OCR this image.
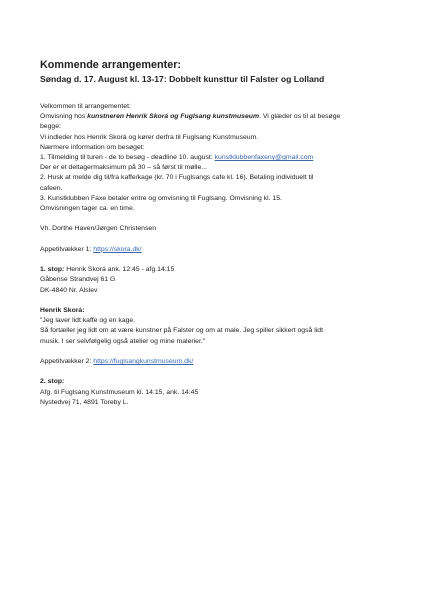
Kommende arrangementer:

Søndag d. 17. August kl. 13-17: Dobbelt kunsttur til Falster og Lolland

Velkommen til arrangementet:

Omvisning hos kunstneren Henrik Skorá og Fuglsang kunstmuseum. Vi glæder os til at besøge

begge:

Vi indleder hos Henrik Skorá og kører derfra til Fuglsang Kunstmuseum.

Nærmere information om besøget:

1. Tilmelding til turen - de to besøg - deadline 10. august: kunstklubbenfaxeny@gmail.com

Der er et deltagermaksimum på 30 – så først til mølle...

2. Husk at melde dig til/fra kaffe/kage (kr. 70 i Fuglsangs cafe kl. 16). Betaling individuelt til

cafeen.

3. Kunstklubben Faxe betaler entre og omvisning til Fuglsang. Omvisning kl. 15.

Omvisningen tager ca. en time.

Vh. Dorthe Haven/Jørgen Christensen

Appetitvækker 1: https://skora.dk/

1. stop: Henrik Skorá ank. 12:45 - afg.14:15

Gåbense Strandvej 61 G

DK-4840 Nr. Alslev

Henrik Skorá:

"Jeg laver lidt kaffe og en kage.

Så fortæller jeg lidt om at være kunstner på Falster og om at male. Jeg spiller sikkert også lidt

musik. I ser selvfølgelig også atelier og mine malerier."

Appetitvækker 2: https://fuglsangkunstmuseum.dk/

2. stop:

Afg. til Fuglsang Kunstmuseum kl. 14:15, ank. 14:45

Nystedvej 71, 4891 Toreby L.
